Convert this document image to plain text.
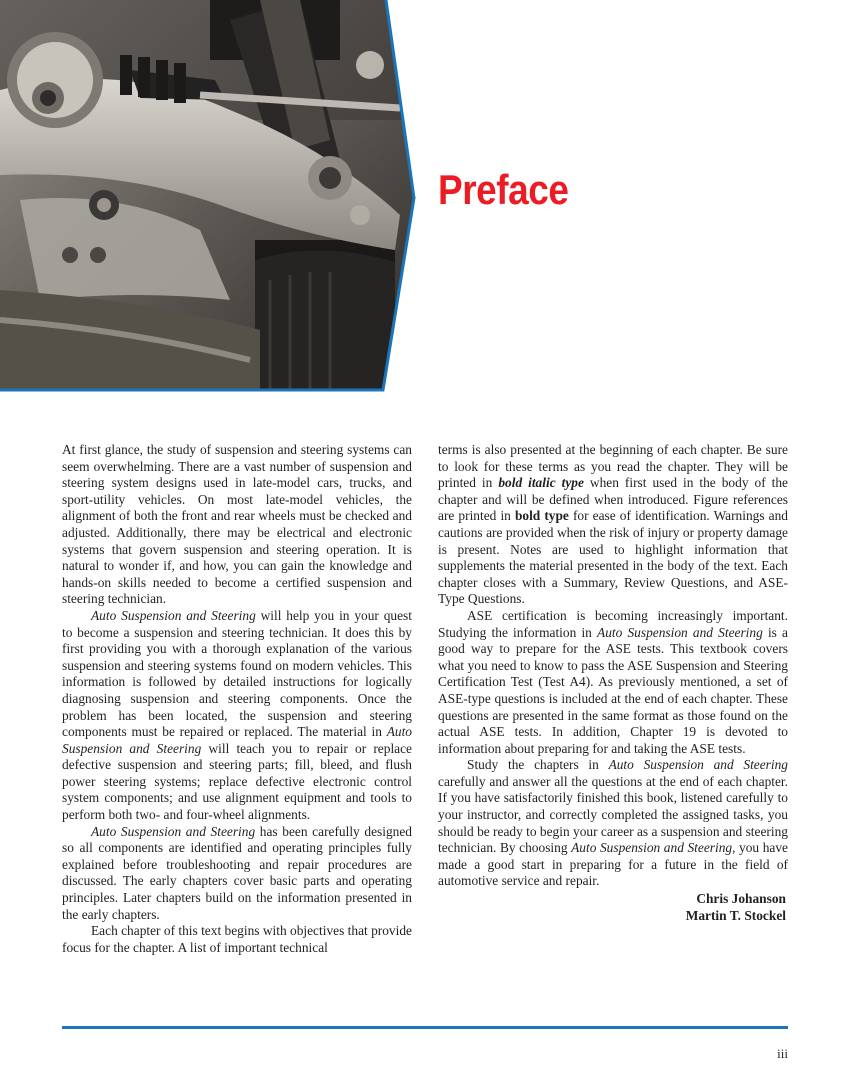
Preface

At first glance, the study of suspension and steering systems can seem overwhelming. There are a vast number of suspension and steering system designs used in late-model cars, trucks, and sport-utility vehicles. On most late-model vehicles, the alignment of both the front and rear wheels must be checked and adjusted. Additionally, there may be electrical and electronic systems that govern suspension and steering operation. It is natural to wonder if, and how, you can gain the knowledge and hands-on skills needed to become a certified suspension and steering technician.

Auto Suspension and Steering will help you in your quest to become a suspension and steering technician. It does this by first providing you with a thorough explanation of the various suspension and steering systems found on modern vehicles. This information is followed by detailed instructions for logically diagnosing suspension and steering components. Once the problem has been located, the suspension and steering components must be repaired or replaced. The material in Auto Suspension and Steering will teach you to repair or replace defective suspension and steering parts; fill, bleed, and flush power steering systems; replace defective electronic control system components; and use alignment equipment and tools to perform both two- and four-wheel alignments.

Auto Suspension and Steering has been carefully designed so all components are identified and operating principles fully explained before troubleshooting and repair procedures are discussed. The early chapters cover basic parts and operating principles. Later chapters build on the information presented in the early chapters.

Each chapter of this text begins with objectives that provide focus for the chapter. A list of important technical

terms is also presented at the beginning of each chapter. Be sure to look for these terms as you read the chapter. They will be printed in bold italic type when first used in the body of the chapter and will be defined when introduced. Figure references are printed in bold type for ease of identification. Warnings and cautions are provided when the risk of injury or property damage is present. Notes are used to highlight information that supplements the material presented in the body of the text. Each chapter closes with a Summary, Review Questions, and ASE-Type Questions.

ASE certification is becoming increasingly important. Studying the information in Auto Suspension and Steering is a good way to prepare for the ASE tests. This textbook covers what you need to know to pass the ASE Suspension and Steering Certification Test (Test A4). As previously mentioned, a set of ASE-type questions is included at the end of each chapter. These questions are presented in the same format as those found on the actual ASE tests. In addition, Chapter 19 is devoted to information about preparing for and taking the ASE tests.

Study the chapters in Auto Suspension and Steering carefully and answer all the questions at the end of each chapter. If you have satisfactorily finished this book, listened carefully to your instructor, and correctly completed the assigned tasks, you should be ready to begin your career as a suspension and steering technician. By choosing Auto Suspension and Steering, you have made a good start in preparing for a future in the field of automotive service and repair.

Chris Johanson
Martin T. Stockel
iii
